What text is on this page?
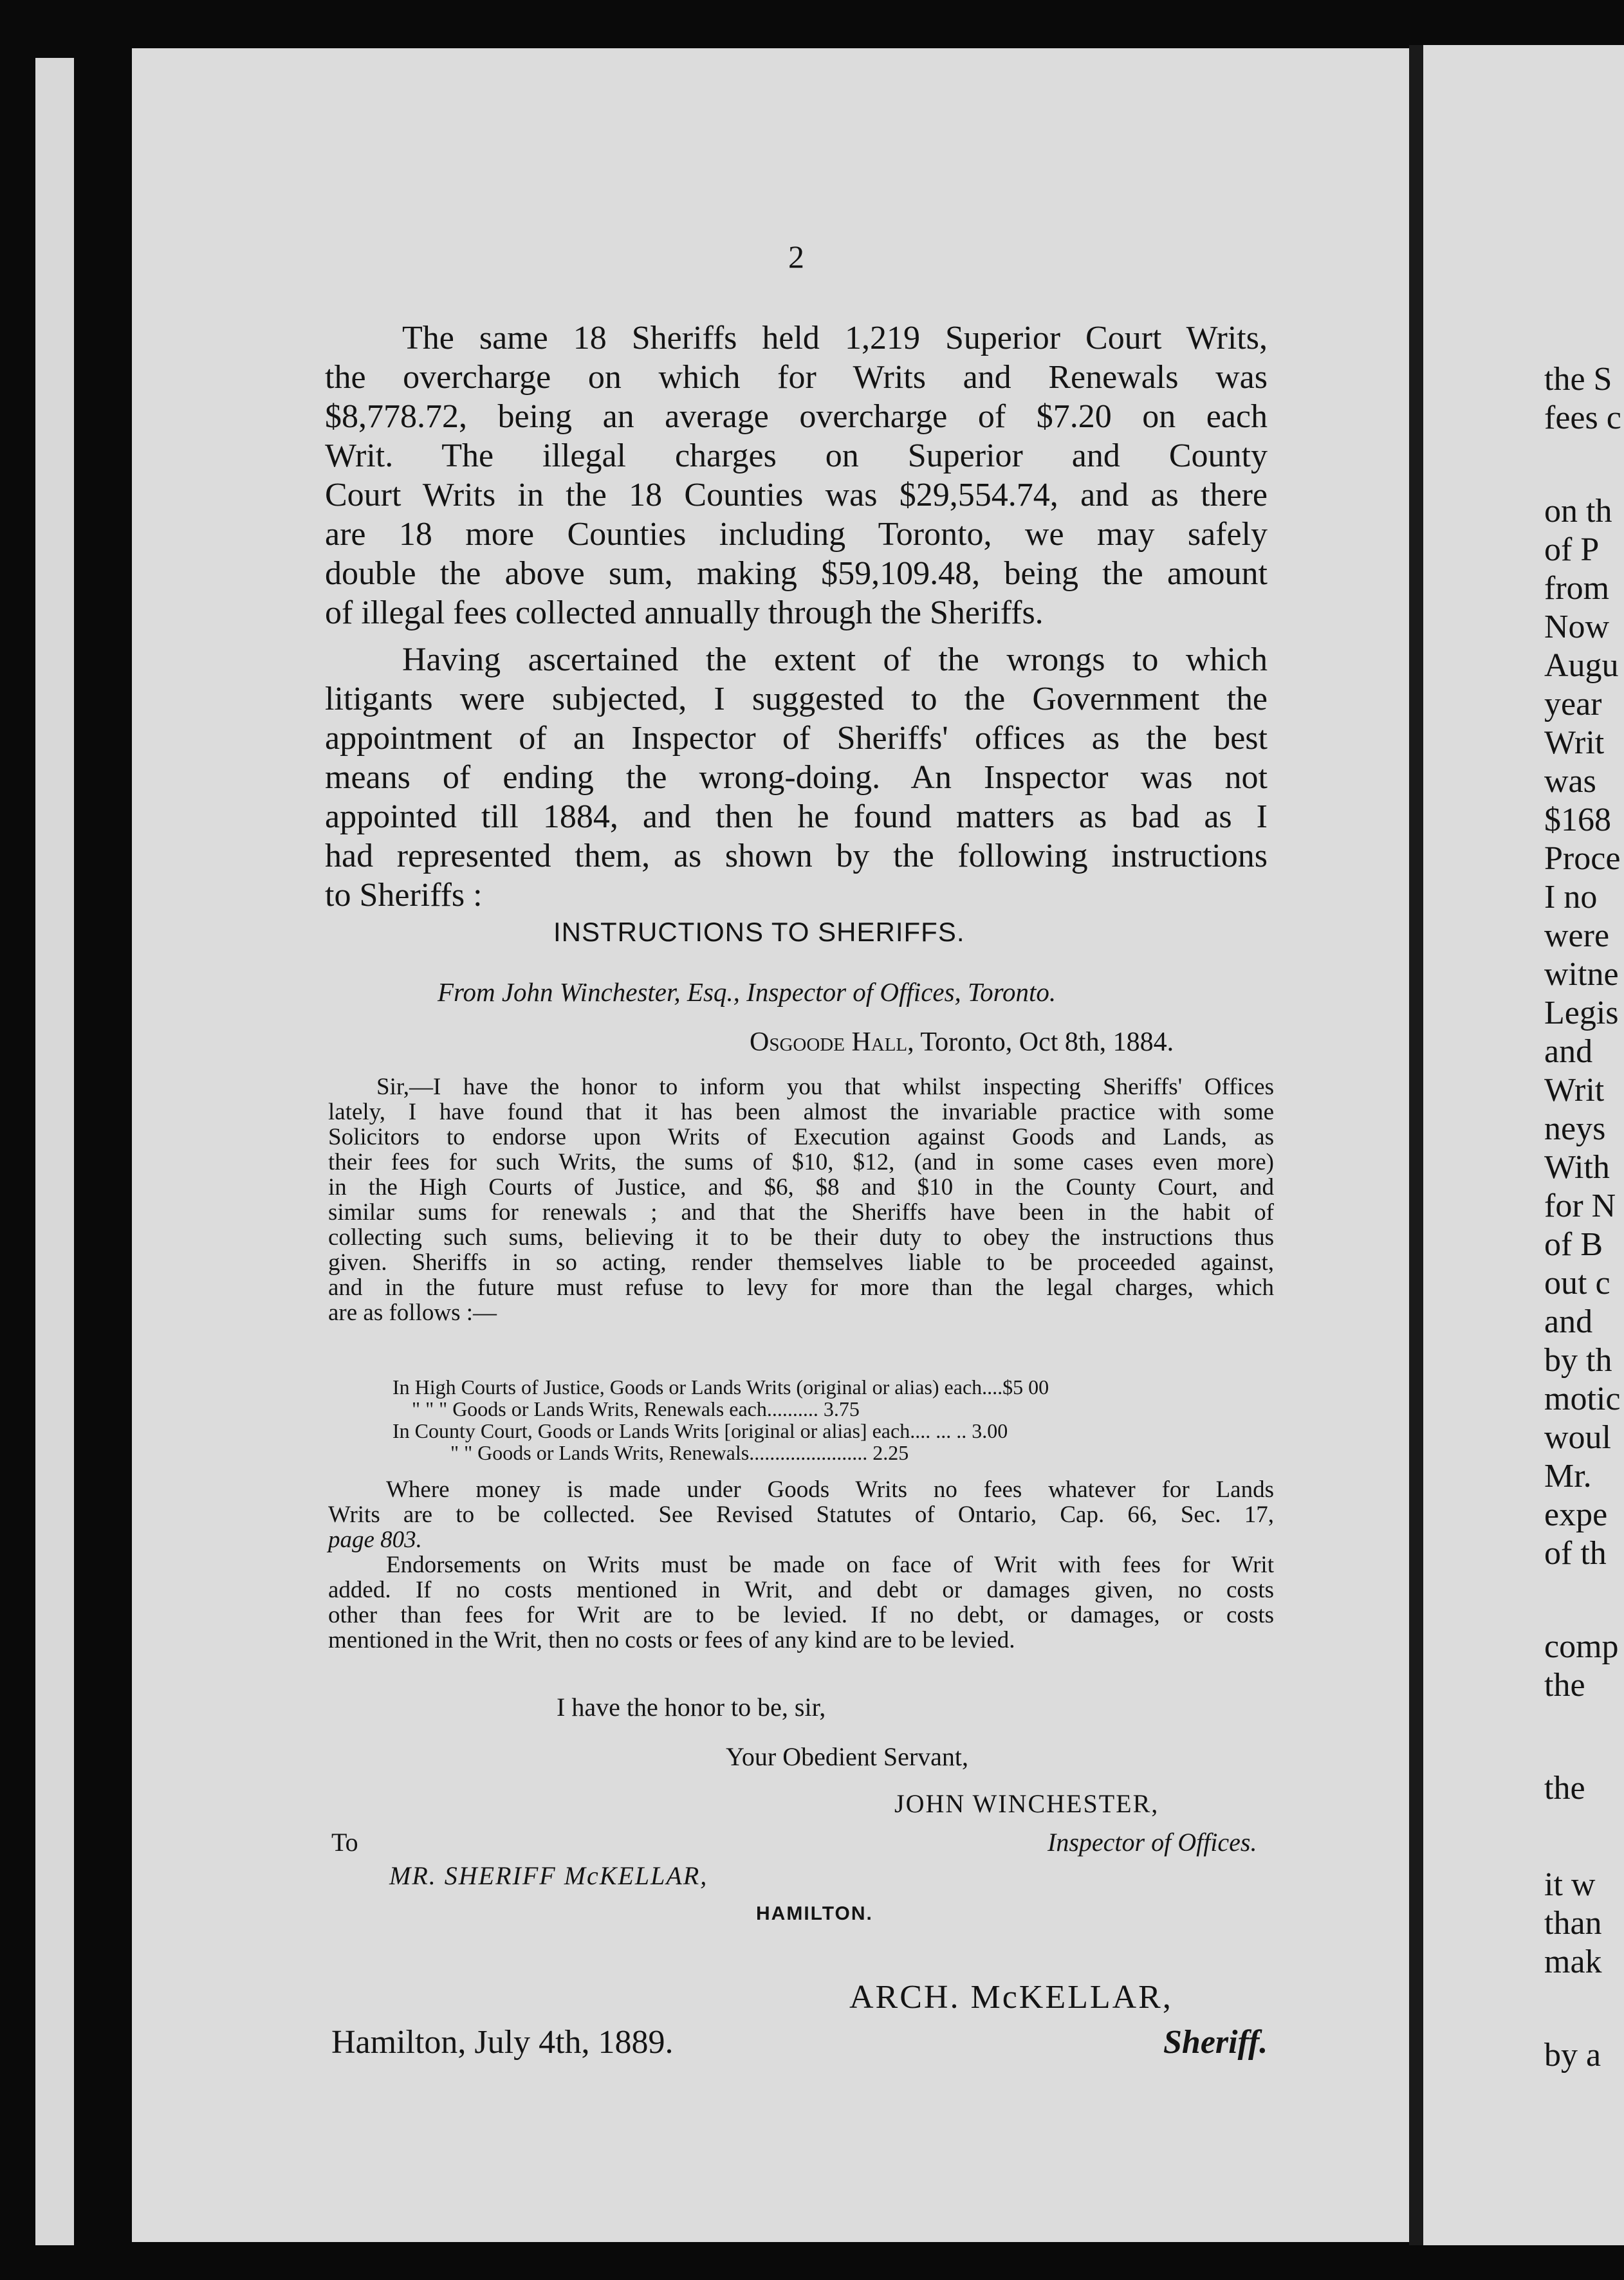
2
The same 18 Sheriffs held 1,219 Superior Court Writs,
the overcharge on which for Writs and Renewals was
$8,778.72, being an average overcharge of $7.20 on each
Writ. The illegal charges on Superior and County
Court Writs in the 18 Counties was $29,554.74, and as there
are 18 more Counties including Toronto, we may safely
double the above sum, making $59,109.48, being the amount
of illegal fees collected annually through the Sheriffs.
Having ascertained the extent of the wrongs to which
litigants were subjected, I suggested to the Government the
appointment of an Inspector of Sheriffs' offices as the best
means of ending the wrong-doing. An Inspector was not
appointed till 1884, and then he found matters as bad as I
had represented them, as shown by the following instructions
to Sheriffs :
INSTRUCTIONS TO SHERIFFS.
From John Winchester, Esq., Inspector of Offices, Toronto.
Osgoode Hall, Toronto, Oct 8th, 1884.
Sir,—I have the honor to inform you that whilst inspecting Sheriffs' Offices
lately, I have found that it has been almost the invariable practice with some
Solicitors to endorse upon Writs of Execution against Goods and Lands, as
their fees for such Writs, the sums of $10, $12, (and in some cases even more)
in the High Courts of Justice, and $6, $8 and $10 in the County Court, and
similar sums for renewals ; and that the Sheriffs have been in the habit of
collecting such sums, believing it to be their duty to obey the instructions thus
given. Sheriffs in so acting, render themselves liable to be proceeded against,
and in the future must refuse to levy for more than the legal charges, which
are as follows :—
In High Courts of Justice, Goods or Lands Writs (original or alias) each....$5 00
" " " Goods or Lands Writs, Renewals each.......... 3.75
In County Court, Goods or Lands Writs [original or alias] each.... ... .. 3.00
" " Goods or Lands Writs, Renewals....................... 2.25
Where money is made under Goods Writs no fees whatever for Lands
Writs are to be collected. See Revised Statutes of Ontario, Cap. 66, Sec. 17,
page 803.
Endorsements on Writs must be made on face of Writ with fees for Writ
added. If no costs mentioned in Writ, and debt or damages given, no costs
other than fees for Writ are to be levied. If no debt, or damages, or costs
mentioned in the Writ, then no costs or fees of any kind are to be levied.
I have the honor to be, sir,
Your Obedient Servant,
JOHN WINCHESTER,
To	Inspector of Offices.
MR. SHERIFF McKELLAR,
HAMILTON.
ARCH. McKELLAR,
Hamilton, July 4th, 1889.	Sheriff.
the S
fees c
on th
of P
from
Now
Augu
year
Writ
was
$168
Proce
I no
were
witne
Legis
and
Writ
neys
With
for N
of B
out c
and
by th
motic
woul
Mr.
expe
of th
comp
the
the
it w
than
mak
by a
